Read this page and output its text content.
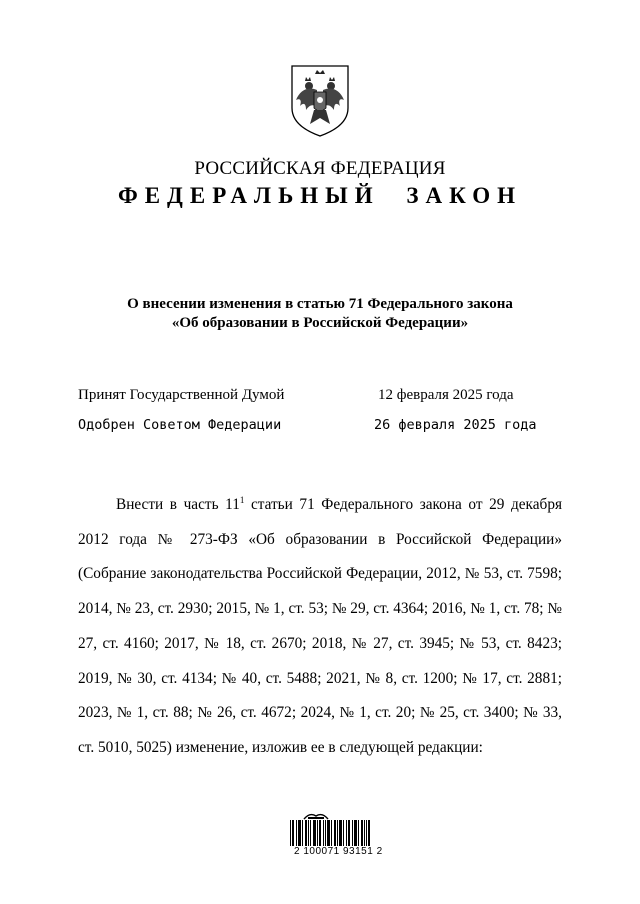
РОССИЙСКАЯ ФЕДЕРАЦИЯ
ФЕДЕРАЛЬНЫЙ ЗАКОН
О внесении изменения в статью 71 Федерального закона
«Об образовании в Российской Федерации»
Принят Государственной Думой	12 февраля 2025 года
Одобрен Советом Федерации	26 февраля 2025 года
Внести в часть $11^1$ статьи 71 Федерального закона от 29 декабря 2012 года № 273-ФЗ «Об образовании в Российской Федерации» (Собрание законодательства Российской Федерации, 2012, № 53, ст. 7598; 2014, № 23, ст. 2930; 2015, № 1, ст. 53; № 29, ст. 4364; 2016, № 1, ст. 78; № 27, ст. 4160; 2017, № 18, ст. 2670; 2018, № 27, ст. 3945; № 53, ст. 8423; 2019, № 30, ст. 4134; № 40, ст. 5488; 2021, № 8, ст. 1200; № 17, ст. 2881; 2023, № 1, ст. 88; № 26, ст. 4672; 2024, № 1, ст. 20; № 25, ст. 3400; № 33, ст. 5010, 5025) изменение, изложив ее в следующей редакции:
2 100071 93151 2
